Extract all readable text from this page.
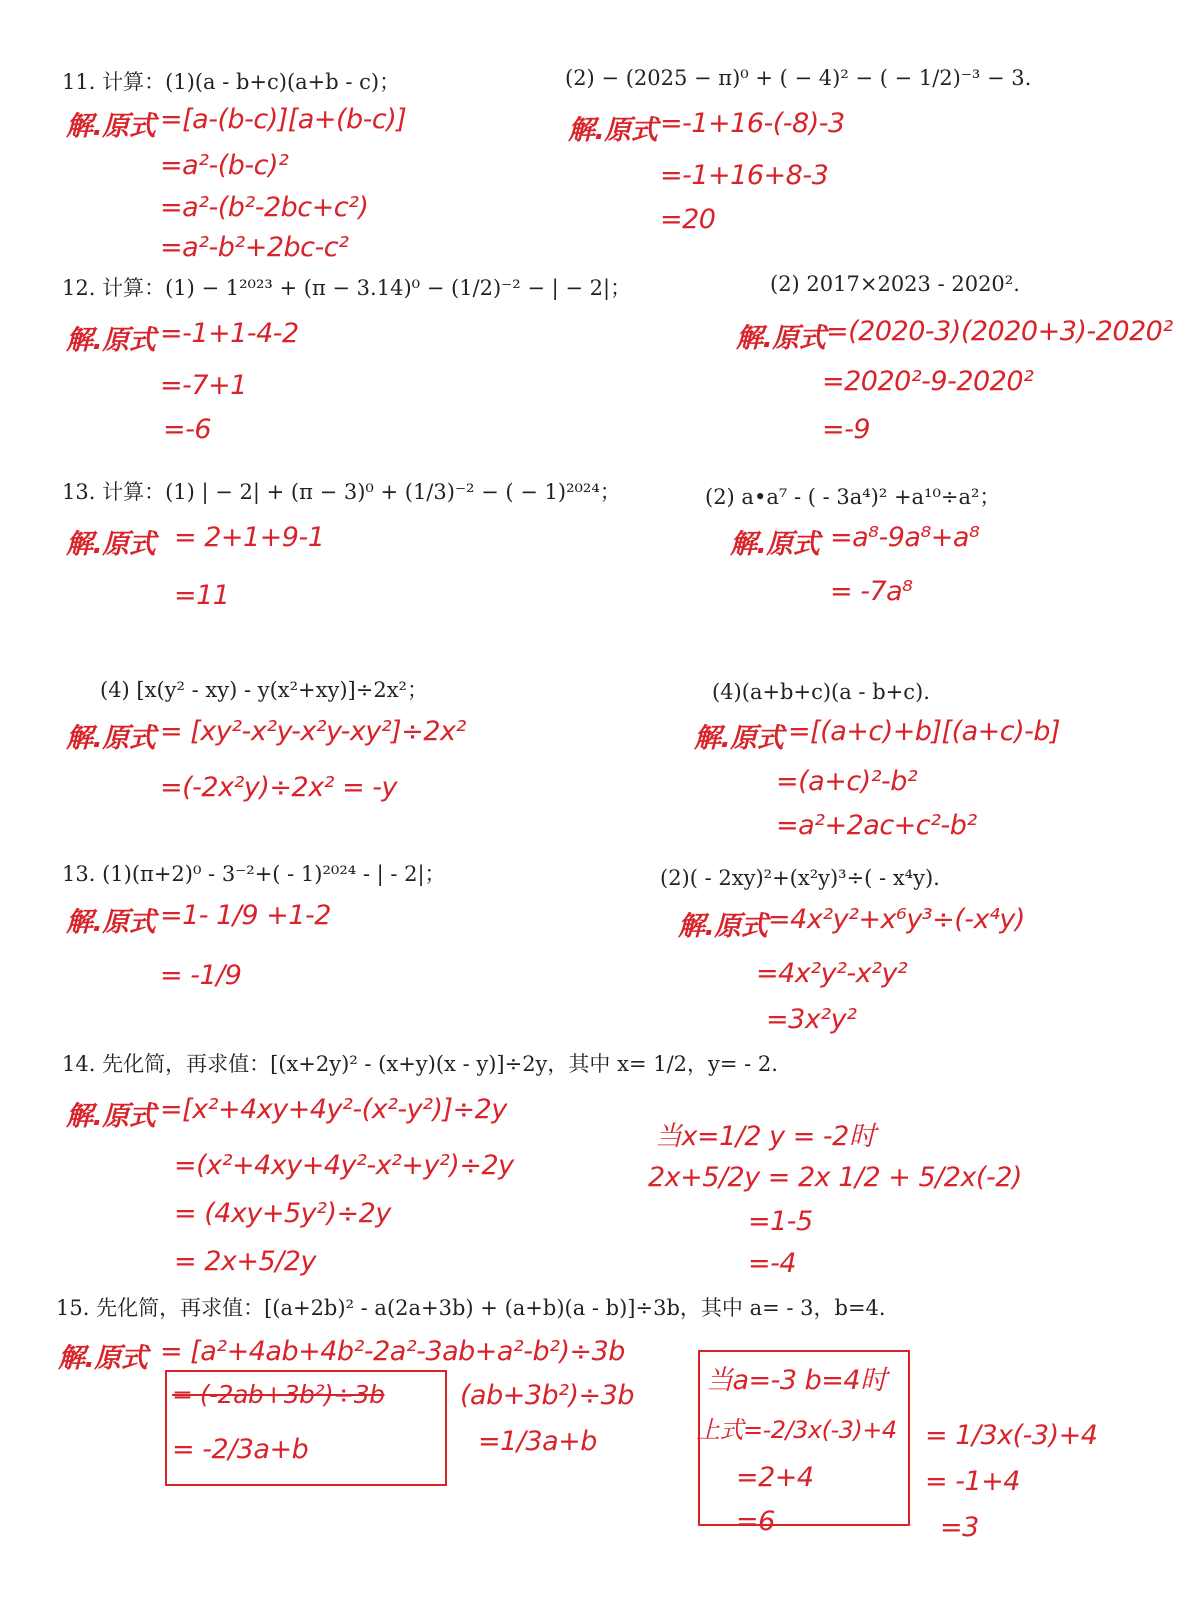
11. 计算：(1)(a - b+c)(a+b - c)；	(2) − (2025 − π)⁰ + ( − 4)² − ( − 1/2)⁻³ − 3.
解.原式 =[a-(b-c)][a+(b-c)]
=a²-(b-c)²
=a²-(b²-2bc+c²)
=a²-b²+2bc-c²
解.原式 =-1+16-(-8)-3
=-1+16+8-3
=20
12. 计算：(1) − 1²⁰²³ + (π − 3.14)⁰ − (1/2)⁻² − | − 2|；	(2) 2017×2023 - 2020².
解.原式 =-1+1-4-2
=-7+1
=-6
解.原式 =(2020-3)(2020+3)-2020²
=2020²-9-2020²
=-9
13. 计算：(1) | − 2| + (π − 3)⁰ + (1/3)⁻² − ( − 1)²⁰²⁴；	(2) a•a⁷ - ( - 3a⁴)² +a¹⁰÷a²；
解.原式 = 2+1+9-1
=11
解.原式 =a⁸-9a⁸+a⁸
= -7a⁸
(4) [x(y² - xy) - y(x²+xy)]÷2x²；	(4)(a+b+c)(a - b+c).
解.原式 = [xy²-x²y-x²y-xy²]÷2x²
=(-2x²y)÷2x² = -y
解.原式 =[(a+c)+b][(a+c)-b]
=(a+c)²-b²
=a²+2ac+c²-b²
13. (1)(π+2)⁰ - 3⁻²+( - 1)²⁰²⁴ - | - 2|；	(2)( - 2xy)²+(x²y)³÷( - x⁴y).
解.原式 =1- 1/9 +1-2
= -1/9
解.原式 =4x²y²+x⁶y³÷(-x⁴y)
=4x²y²-x²y²
=3x²y²
14. 先化简，再求值：[(x+2y)² - (x+y)(x - y)]÷2y，其中 x= 1/2，y= - 2.
解.原式 =[x²+4xy+4y²-(x²-y²)]÷2y
=(x²+4xy+4y²-x²+y²)÷2y
= (4xy+5y²)÷2y
= 2x+5/2y
当x=1/2 y = -2时
2x+5/2y = 2x 1/2 + 5/2x(-2)
=1-5
=-4
15. 先化简，再求值：[(a+2b)² - a(2a+3b) + (a+b)(a - b)]÷3b，其中 a= - 3，b=4.
解.原式 = [a²+4ab+4b²-2a²-3ab+a²-b²)÷3b
= (-2ab+3b²)÷3b
= -2/3a+b
(ab+3b²)÷3b
=1/3a+b
当a=-3 b=4时
上式=-2/3x(-3)+4
=2+4
=6
= 1/3x(-3)+4
= -1+4
=3
